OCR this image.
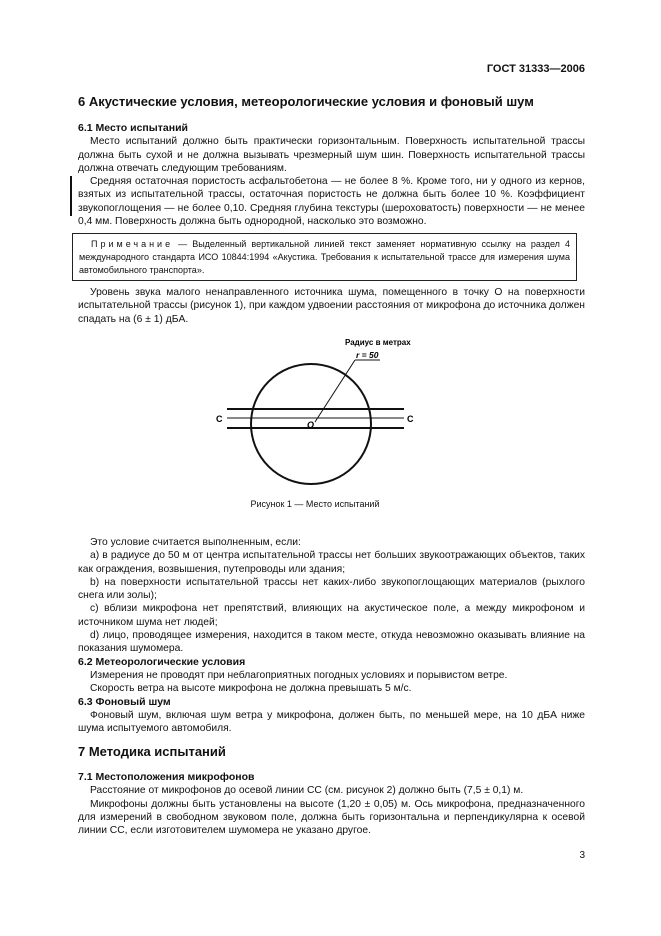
ГОСТ 31333—2006
6 Акустические условия, метеорологические условия и фоновый шум
6.1 Место испытаний

Место испытаний должно быть практически горизонтальным. Поверхность испытательной трассы должна быть сухой и не должна вызывать чрезмерный шум шин. Поверхность испытательной трассы должна отвечать следующим требованиям.

Средняя остаточная пористость асфальтобетона — не более 8 %. Кроме того, ни у одного из кернов, взятых из испытательной трассы, остаточная пористость не должна быть более 10 %. Коэффициент звукопоглощения — не более 0,10. Средняя глубина текстуры (шероховатость) поверхности — не менее 0,4 мм. Поверхность должна быть однородной, насколько это возможно.

Примечание — Выделенный вертикальной линией текст заменяет нормативную ссылку на раздел 4 международного стандарта ИСО 10844:1994 «Акустика. Требования к испытательной трассе для измерения шума автомобильного транспорта».

Уровень звука малого ненаправленного источника шума, помещенного в точку О на поверхности испытательной трассы (рисунок 1), при каждом удвоении расстояния от микрофона до источника должен спадать на (6 ± 1) дБA.

Радиус в метрах
r = 50
O
C	C
Рисунок 1 — Место испытаний

Это условие считается выполненным, если:

а) в радиусе до 50 м от центра испытательной трассы нет больших звукоотражающих объектов, таких как ограждения, возвышения, путепроводы или здания;

b) на поверхности испытательной трассы нет каких-либо звукопоглощающих материалов (рыхлого снега или золы);

c) вблизи микрофона нет препятствий, влияющих на акустическое поле, а между микрофоном и источником шума нет людей;

d) лицо, проводящее измерения, находится в таком месте, откуда невозможно оказывать влияние на показания шумомера.

6.2 Метеорологические условия

Измерения не проводят при неблагоприятных погодных условиях и порывистом ветре.

Скорость ветра на высоте микрофона не должна превышать 5 м/с.

6.3 Фоновый шум

Фоновый шум, включая шум ветра у микрофона, должен быть, по меньшей мере, на 10 дБA ниже шума испытуемого автомобиля.

7 Методика испытаний
7.1 Местоположения микрофонов

Расстояние от микрофонов до осевой линии CC (см. рисунок 2) должно быть (7,5 ± 0,1) м.

Микрофоны должны быть установлены на высоте (1,20 ± 0,05) м. Ось микрофона, предназначенного для измерений в свободном звуковом поле, должна быть горизонтальна и перпендикулярна к осевой линии CC, если изготовителем шумомера не указано другое.

3
